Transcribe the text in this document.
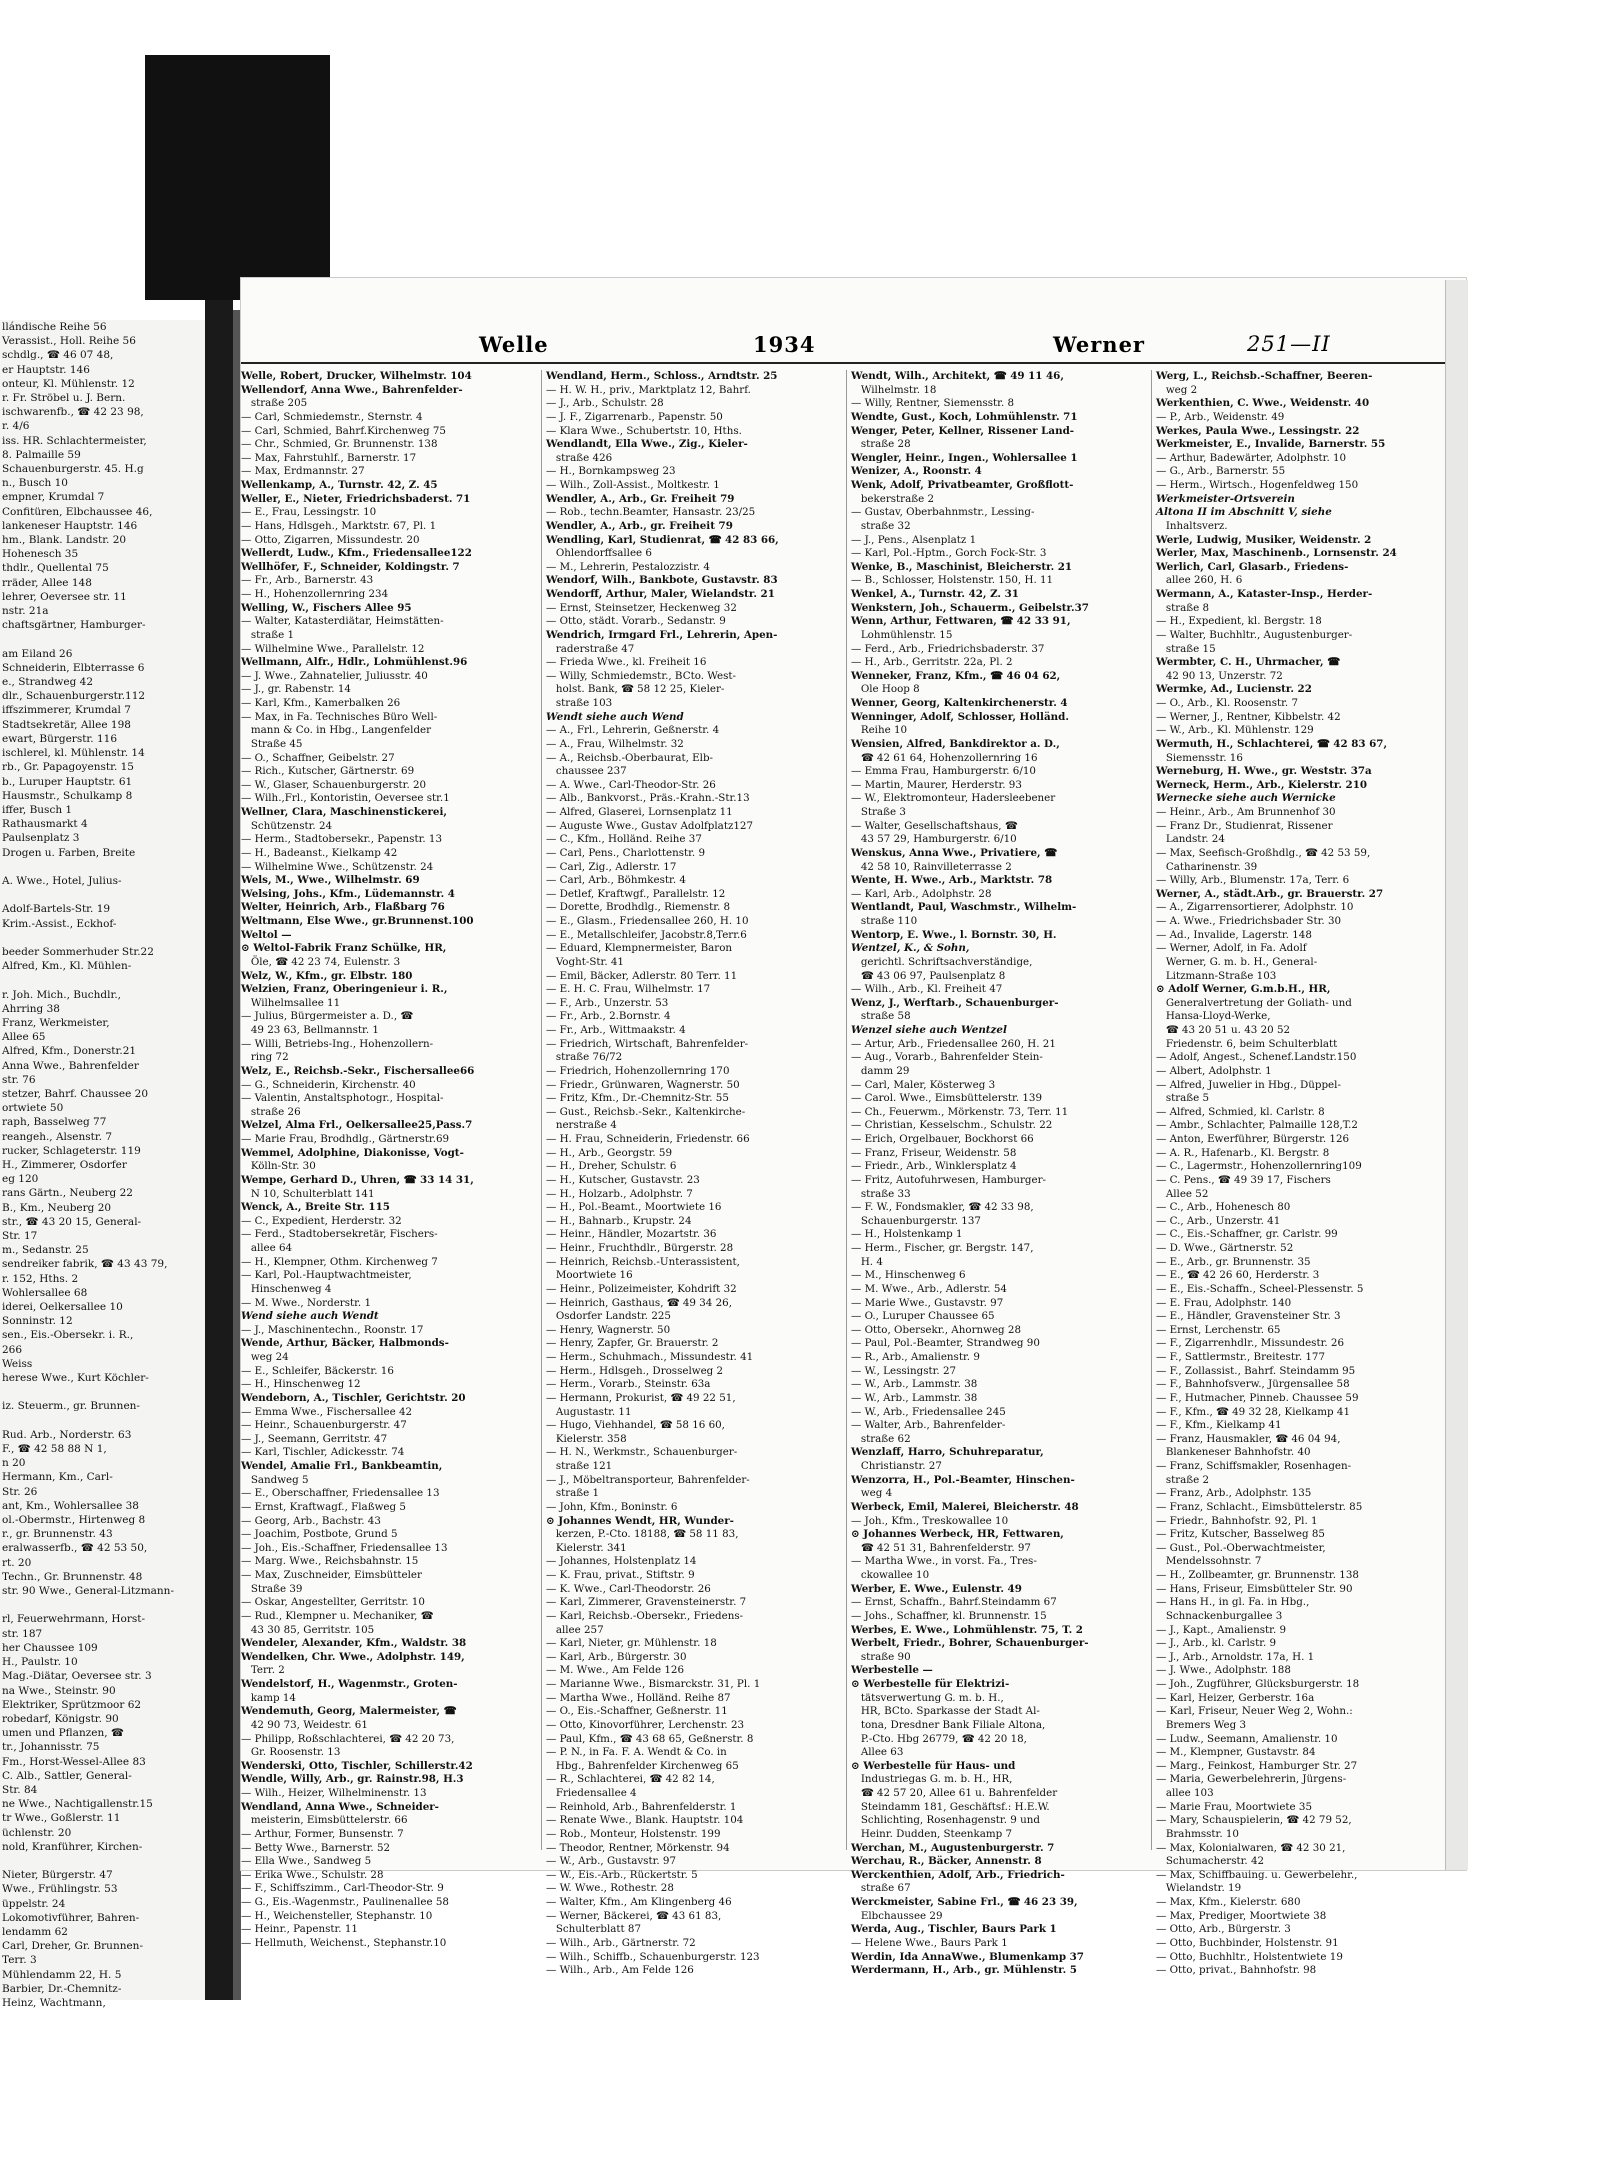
llándische Reihe 56
Verassist., Holl. Reihe 56
schdlg., ☎ 46 07 48,
er Hauptstr. 146
onteur, Kl. Mühlenstr. 12
r. Fr. Ströbel u. J. Bern.
ischwarenfb., ☎ 42 23 98,
r. 4/6
iss. HR. Schlachtermeister,
8. Palmaille 59
Schauenburgerstr. 45. H.g
n., Busch 10
empner, Krumdal 7
Confitüren, Elbchaussee 46,
lankeneser Hauptstr. 146
hm., Blank. Landstr. 20
Hohenesch 35
thdlr., Quellental 75
rräder, Allee 148
lehrer, Oeversee str. 11
nstr. 21a
chaftsgärtner, Hamburger-

am Eiland 26
Schneiderin, Elbterrasse 6
e., Strandweg 42
dlr., Schauenburgerstr.112
iffszimmerer, Krumdal 7
Stadtsekretär, Allee 198
ewart, Bürgerstr. 116
ischlerel, kl. Mühlenstr. 14
rb., Gr. Papagoyenstr. 15
b., Luruper Hauptstr. 61
Hausmstr., Schulkamp 8
iffer, Busch 1
Rathausmarkt 4
Paulsenplatz 3
Drogen u. Farben, Breite

A. Wwe., Hotel, Julius-

Adolf-Bartels-Str. 19
Krim.-Assist., Eckhof-

beeder Sommerhuder Str.22
Alfred, Km., Kl. Mühlen-

r. Joh. Mich., Buchdlr.,
Ahrring 38
Franz, Werkmeister,
Allee 65
Alfred, Kfm., Donerstr.21
Anna Wwe., Bahrenfelder
str. 76
stetzer, Bahrf. Chaussee 20
ortwiete 50
raph, Basselweg 77
reangeh., Alsenstr. 7
rucker, Schlageterstr. 119
H., Zimmerer, Osdorfer
eg 120
rans Gärtn., Neuberg 22
B., Km., Neuberg 20
str., ☎ 43 20 15, General-
Str. 17
m., Sedanstr. 25
sendreiker fabrik, ☎ 43 43 79,
r. 152, Hths. 2
Wohlersallee 68
iderei, Oelkersallee 10
Sonninstr. 12
sen., Eis.-Obersekr. i. R.,
266
Weiss
herese Wwe., Kurt Köchler-

iz. Steuerm., gr. Brunnen-

Rud. Arb., Norderstr. 63
F., ☎ 42 58 88 N 1,
n 20
Hermann, Km., Carl-
Str. 26
ant, Km., Wohlersallee 38
ol.-Obermstr., Hirtenweg 8
r., gr. Brunnenstr. 43
eralwasserfb., ☎ 42 53 50,
rt. 20
Techn., Gr. Brunnenstr. 48
str. 90 Wwe., General-Litzmann-

rl, Feuerwehrmann, Horst-
str. 187
her Chaussee 109
H., Paulstr. 10
Mag.-Diätar, Oeversee str. 3
na Wwe., Steinstr. 90
Elektriker, Sprützmoor 62
robedarf, Königstr. 90
umen und Pflanzen, ☎
tr., Johannisstr. 75
Fm., Horst-Wessel-Allee 83
C. Alb., Sattler, General-
Str. 84
ne Wwe., Nachtigallenstr.15
tr Wwe., Goßlerstr. 11
üchlenstr. 20
nold, Kranführer, Kirchen-

Nieter, Bürgerstr. 47
Wwe., Frühlingstr. 53
üppelstr. 24
Lokomotivführer, Bahren-
lendamm 62
Carl, Dreher, Gr. Brunnen-
Terr. 3
Mühlendamm 22, H. 5
Barbier, Dr.-Chemnitz-
Heinz, Wachtmann,
Welle	1934	Werner	251—II
Welle, Robert, Drucker, Wilhelmstr. 104
Wellendorf, Anna Wwe., Bahrenfelder-
straße 205
— Carl, Schmiedemstr., Sternstr. 4
— Carl, Schmied, Bahrf.Kirchenweg 75
— Chr., Schmied, Gr. Brunnenstr. 138
— Max, Fahrstuhlf., Barnerstr. 17
— Max, Erdmannstr. 27
Wellenkamp, A., Turnstr. 42, Z. 45
Weller, E., Nieter, Friedrichsbaderst. 71
— E., Frau, Lessingstr. 10
— Hans, Hdlsgeh., Marktstr. 67, Pl. 1
— Otto, Zigarren, Missundestr. 20
Wellerdt, Ludw., Kfm., Friedensallee122
Wellhöfer, F., Schneider, Koldingstr. 7
— Fr., Arb., Barnerstr. 43
— H., Hohenzollernring 234
Welling, W., Fischers Allee 95
— Walter, Katasterdiätar, Heimstätten-
straße 1
— Wilhelmine Wwe., Parallelstr. 12
Wellmann, Alfr., Hdlr., Lohmühlenst.96
— J. Wwe., Zahnatelier, Juliusstr. 40
— J., gr. Rabenstr. 14
— Karl, Kfm., Kamerbalken 26
— Max, in Fa. Technisches Büro Well-
mann & Co. in Hbg., Langenfelder
Straße 45
— O., Schaffner, Geibelstr. 27
— Rich., Kutscher, Gärtnerstr. 69
— W., Glaser, Schauenburgerstr. 20
— Wilh.,Frl., Kontoristin, Oeversee str.1
Wellner, Clara, Maschinenstickerei,
Schützenstr. 24
— Herm., Stadtobersekr., Papenstr. 13
— H., Badeanst., Kielkamp 42
— Wilhelmine Wwe., Schützenstr. 24
Wels, M., Wwe., Wilhelmstr. 69
Welsing, Johs., Kfm., Lüdemannstr. 4
Welter, Heinrich, Arb., Flaßbarg 76
Weltmann, Else Wwe., gr.Brunnenst.100
Weltol —
⊙ Weltol-Fabrik Franz Schülke, HR,
Öle, ☎ 42 23 74, Eulenstr. 3
Welz, W., Kfm., gr. Elbstr. 180
Welzien, Franz, Oberingenieur i. R.,
Wilhelmsallee 11
— Julius, Bürgermeister a. D., ☎
49 23 63, Bellmannstr. 1
— Willi, Betriebs-Ing., Hohenzollern-
ring 72
Welz, E., Reichsb.-Sekr., Fischersallee66
— G., Schneiderin, Kirchenstr. 40
— Valentin, Anstaltsphotogr., Hospital-
straße 26
Welzel, Alma Frl., Oelkersallee25,Pass.7
— Marie Frau, Brodhdlg., Gärtnerstr.69
Wemmel, Adolphine, Diakonisse, Vogt-
Kölln-Str. 30
Wempe, Gerhard D., Uhren, ☎ 33 14 31,
N 10, Schulterblatt 141
Wenck, A., Breite Str. 115
— C., Expedient, Herderstr. 32
— Ferd., Stadtobersekretär, Fischers-
allee 64
— H., Klempner, Othm. Kirchenweg 7
— Karl, Pol.-Hauptwachtmeister,
Hinschenweg 4
— M. Wwe., Norderstr. 1
Wend siehe auch Wendt
— J., Maschinentechn., Roonstr. 17
Wende, Arthur, Bäcker, Halbmonds-
weg 24
— E., Schleifer, Bäckerstr. 16
— H., Hinschenweg 12
Wendeborn, A., Tischler, Gerichtstr. 20
— Emma Wwe., Fischersallee 42
— Heinr., Schauenburgerstr. 47
— J., Seemann, Gerritstr. 47
— Karl, Tischler, Adickesstr. 74
Wendel, Amalie Frl., Bankbeamtin,
Sandweg 5
— E., Oberschaffner, Friedensallee 13
— Ernst, Kraftwagf., Flaßweg 5
— Georg, Arb., Bachstr. 43
— Joachim, Postbote, Grund 5
— Joh., Eis.-Schaffner, Friedensallee 13
— Marg. Wwe., Reichsbahnstr. 15
— Max, Zuschneider, Eimsbütteler
Straße 39
— Oskar, Angestellter, Gerritstr. 10
— Rud., Klempner u. Mechaniker, ☎
43 30 85, Gerritstr. 105
Wendeler, Alexander, Kfm., Waldstr. 38
Wendelken, Chr. Wwe., Adolphstr. 149,
Terr. 2
Wendelstorf, H., Wagenmstr., Groten-
kamp 14
Wendemuth, Georg, Malermeister, ☎
42 90 73, Weidestr. 61
— Philipp, Roßschlachterei, ☎ 42 20 73,
Gr. Roosenstr. 13
Wenderski, Otto, Tischler, Schillerstr.42
Wendle, Willy, Arb., gr. Rainstr.98, H.3
— Wilh., Heizer, Wilhelminenstr. 13
Wendland, Anna Wwe., Schneider-
meisterin, Eimsbüttelerstr. 66
— Arthur, Former, Bunsenstr. 7
— Betty Wwe., Barnerstr. 52
— Ella Wwe., Sandweg 5
— Erika Wwe., Schulstr. 28
— F., Schiffszimm., Carl-Theodor-Str. 9
— G., Eis.-Wagenmstr., Paulinenallee 58
— H., Weichensteller, Stephanstr. 10
— Heinr., Papenstr. 11
— Hellmuth, Weichenst., Stephanstr.10
Wendland, Herm., Schloss., Arndtstr. 25
— H. W. H., priv., Marktplatz 12, Bahrf.
— J., Arb., Schulstr. 28
— J. F., Zigarrenarb., Papenstr. 50
— Klara Wwe., Schubertstr. 10, Hths.
Wendlandt, Ella Wwe., Zig., Kieler-
straße 426
— H., Bornkampsweg 23
— Wilh., Zoll-Assist., Moltkestr. 1
Wendler, A., Arb., Gr. Freiheit 79
— Rob., techn.Beamter, Hansastr. 23/25
Wendler, A., Arb., gr. Freiheit 79
Wendling, Karl, Studienrat, ☎ 42 83 66,
Ohlendorffsallee 6
— M., Lehrerin, Pestalozzistr. 4
Wendorf, Wilh., Bankbote, Gustavstr. 83
Wendorff, Arthur, Maler, Wielandstr. 21
— Ernst, Steinsetzer, Heckenweg 32
— Otto, städt. Vorarb., Sedanstr. 9
Wendrich, Irmgard Frl., Lehrerin, Apen-
raderstraße 47
— Frieda Wwe., kl. Freiheit 16
— Willy, Schmiedemstr., BCto. West-
holst. Bank, ☎ 58 12 25, Kieler-
straße 103
Wendt siehe auch Wend
— A., Frl., Lehrerin, Geßnerstr. 4
— A., Frau, Wilhelmstr. 32
— A., Reichsb.-Oberbaurat, Elb-
chaussee 237
— A. Wwe., Carl-Theodor-Str. 26
— Alb., Bankvorst., Präs.-Krahn.-Str.13
— Alfred, Glaserei, Lornsenplatz 11
— Auguste Wwe., Gustav Adolfplatz127
— C., Kfm., Holländ. Reihe 37
— Carl, Pens., Charlottenstr. 9
— Carl, Zig., Adlerstr. 17
— Carl, Arb., Böhmkestr. 4
— Detlef, Kraftwgf., Parallelstr. 12
— Dorette, Brodhdlg., Riemenstr. 8
— E., Glasm., Friedensallee 260, H. 10
— E., Metallschleifer, Jacobstr.8,Terr.6
— Eduard, Klempnermeister, Baron
Voght-Str. 41
— Emil, Bäcker, Adlerstr. 80 Terr. 11
— E. H. C. Frau, Wilhelmstr. 17
— F., Arb., Unzerstr. 53
— Fr., Arb., 2.Bornstr. 4
— Fr., Arb., Wittmaakstr. 4
— Friedrich, Wirtschaft, Bahrenfelder-
straße 76/72
— Friedrich, Hohenzollernring 170
— Friedr., Grünwaren, Wagnerstr. 50
— Fritz, Kfm., Dr.-Chemnitz-Str. 55
— Gust., Reichsb.-Sekr., Kaltenkirche-
nerstraße 4
— H. Frau, Schneiderin, Friedenstr. 66
— H., Arb., Georgstr. 59
— H., Dreher, Schulstr. 6
— H., Kutscher, Gustavstr. 23
— H., Holzarb., Adolphstr. 7
— H., Pol.-Beamt., Moortwiete 16
— H., Bahnarb., Krupstr. 24
— Heinr., Händler, Mozartstr. 36
— Heinr., Fruchthdlr., Bürgerstr. 28
— Heinrich, Reichsb.-Unterassistent,
Moortwiete 16
— Heinr., Polizeimeister, Kohdrift 32
— Heinrich, Gasthaus, ☎ 49 34 26,
Osdorfer Landstr. 225
— Henry, Wagnerstr. 50
— Henry, Zapfer, Gr. Brauerstr. 2
— Herm., Schuhmach., Missundestr. 41
— Herm., Hdlsgeh., Drosselweg 2
— Herm., Vorarb., Steinstr. 63a
— Hermann, Prokurist, ☎ 49 22 51,
Augustastr. 11
— Hugo, Viehhandel, ☎ 58 16 60,
Kielerstr. 358
— H. N., Werkmstr., Schauenburger-
straße 121
— J., Möbeltransporteur, Bahrenfelder-
straße 1
— John, Kfm., Boninstr. 6
⊙ Johannes Wendt, HR, Wunder-
kerzen, P.-Cto. 18188, ☎ 58 11 83,
Kielerstr. 341
— Johannes, Holstenplatz 14
— K. Frau, privat., Stiftstr. 9
— K. Wwe., Carl-Theodorstr. 26
— Karl, Zimmerer, Gravensteinerstr. 7
— Karl, Reichsb.-Obersekr., Friedens-
allee 257
— Karl, Nieter, gr. Mühlenstr. 18
— Karl, Arb., Bürgerstr. 30
— M. Wwe., Am Felde 126
— Marianne Wwe., Bismarckstr. 31, Pl. 1
— Martha Wwe., Holländ. Reihe 87
— O., Eis.-Schaffner, Geßnerstr. 11
— Otto, Kinovorführer, Lerchenstr. 23
— Paul, Kfm., ☎ 43 68 65, Geßnerstr. 8
— P. N., in Fa. F. A. Wendt & Co. in
Hbg., Bahrenfelder Kirchenweg 65
— R., Schlachterei, ☎ 42 82 14,
Friedensallee 4
— Reinhold, Arb., Bahrenfelderstr. 1
— Renate Wwe., Blank. Hauptstr. 104
— Rob., Monteur, Holstenstr. 199
— Theodor, Rentner, Mörkenstr. 94
— W., Arb., Gustavstr. 97
— W., Eis.-Arb., Rückertstr. 5
— W. Wwe., Rothestr. 28
— Walter, Kfm., Am Klingenberg 46
— Werner, Bäckerei, ☎ 43 61 83,
Schulterblatt 87
— Wilh., Arb., Gärtnerstr. 72
— Wilh., Schiffb., Schauenburgerstr. 123
— Wilh., Arb., Am Felde 126
Wendt, Wilh., Architekt, ☎ 49 11 46,
Wilhelmstr. 18
— Willy, Rentner, Siemensstr. 8
Wendte, Gust., Koch, Lohmühlenstr. 71
Wenger, Peter, Kellner, Rissener Land-
straße 28
Wengler, Heinr., Ingen., Wohlersallee 1
Wenizer, A., Roonstr. 4
Wenk, Adolf, Privatbeamter, Großflott-
bekerstraße 2
— Gustav, Oberbahnmstr., Lessing-
straße 32
— J., Pens., Alsenplatz 1
— Karl, Pol.-Hptm., Gorch Fock-Str. 3
Wenke, B., Maschinist, Bleicherstr. 21
— B., Schlosser, Holstenstr. 150, H. 11
Wenkel, A., Turnstr. 42, Z. 31
Wenkstern, Joh., Schauerm., Geibelstr.37
Wenn, Arthur, Fettwaren, ☎ 42 33 91,
Lohmühlenstr. 15
— Ferd., Arb., Friedrichsbaderstr. 37
— H., Arb., Gerritstr. 22a, Pl. 2
Wenneker, Franz, Kfm., ☎ 46 04 62,
Ole Hoop 8
Wenner, Georg, Kaltenkirchenerstr. 4
Wenninger, Adolf, Schlosser, Holländ.
Reihe 10
Wensien, Alfred, Bankdirektor a. D.,
☎ 42 61 64, Hohenzollernring 16
— Emma Frau, Hamburgerstr. 6/10
— Martin, Maurer, Herderstr. 93
— W., Elektromonteur, Hadersleebener
Straße 3
— Walter, Gesellschaftshaus, ☎
43 57 29, Hamburgerstr. 6/10
Wenskus, Anna Wwe., Privatiere, ☎
42 58 10, Rainvilleterrasse 2
Wente, H. Wwe., Arb., Marktstr. 78
— Karl, Arb., Adolphstr. 28
Wentlandt, Paul, Waschmstr., Wilhelm-
straße 110
Wentorp, E. Wwe., l. Bornstr. 30, H.
Wentzel, K., & Sohn,
gerichtl. Schriftsachverständige,
☎ 43 06 97, Paulsenplatz 8
— Wilh., Arb., Kl. Freiheit 47
Wenz, J., Werftarb., Schauenburger-
straße 58
Wenzel siehe auch Wentzel
— Artur, Arb., Friedensallee 260, H. 21
— Aug., Vorarb., Bahrenfelder Stein-
damm 29
— Carl, Maler, Kösterweg 3
— Carol. Wwe., Eimsbüttelerstr. 139
— Ch., Feuerwm., Mörkenstr. 73, Terr. 11
— Christian, Kesselschm., Schulstr. 22
— Erich, Orgelbauer, Bockhorst 66
— Franz, Friseur, Weidenstr. 58
— Friedr., Arb., Winklersplatz 4
— Fritz, Autofuhrwesen, Hamburger-
straße 33
— F. W., Fondsmakler, ☎ 42 33 98,
Schauenburgerstr. 137
— H., Holstenkamp 1
— Herm., Fischer, gr. Bergstr. 147,
H. 4
— M., Hinschenweg 6
— M. Wwe., Arb., Adlerstr. 54
— Marie Wwe., Gustavstr. 97
— O., Luruper Chaussee 65
— Otto, Obersekr., Ahornweg 28
— Paul, Pol.-Beamter, Strandweg 90
— R., Arb., Amalienstr. 9
— W., Lessingstr. 27
— W., Arb., Lammstr. 38
— W., Arb., Lammstr. 38
— W., Arb., Friedensallee 245
— Walter, Arb., Bahrenfelder-
straße 62
Wenzlaff, Harro, Schuhreparatur,
Christianstr. 27
Wenzorra, H., Pol.-Beamter, Hinschen-
weg 4
Werbeck, Emil, Malerei, Bleicherstr. 48
— Joh., Kfm., Treskowallee 10
⊙ Johannes Werbeck, HR, Fettwaren,
☎ 42 51 31, Bahrenfelderstr. 97
— Martha Wwe., in vorst. Fa., Tres-
ckowallee 10
Werber, E. Wwe., Eulenstr. 49
— Ernst, Schaffn., Bahrf.Steindamm 67
— Johs., Schaffner, kl. Brunnenstr. 15
Werbes, E. Wwe., Lohmühlenstr. 75, T. 2
Werbelt, Friedr., Bohrer, Schauenburger-
straße 90
Werbestelle —
⊙ Werbestelle für Elektrizi-
tätsverwertung G. m. b. H.,
HR, BCto. Sparkasse der Stadt Al-
tona, Dresdner Bank Filiale Altona,
P.-Cto. Hbg 26779, ☎ 42 20 18,
Allee 63
⊙ Werbestelle für Haus- und
Industriegas G. m. b. H., HR,
☎ 42 57 20, Allee 61 u. Bahrenfelder
Steindamm 181, Geschäftsf.: H.E.W.
Schlichting, Rosenhagenstr. 9 und
Heinr. Dudden, Steenkamp 7
Werchan, M., Augustenburgerstr. 7
Werchau, R., Bäcker, Annenstr. 8
Werckenthien, Adolf, Arb., Friedrich-
straße 67
Werckmeister, Sabine Frl., ☎ 46 23 39,
Elbchaussee 29
Werda, Aug., Tischler, Baurs Park 1
— Helene Wwe., Baurs Park 1
Werdin, Ida AnnaWwe., Blumenkamp 37
Werdermann, H., Arb., gr. Mühlenstr. 5
Werg, L., Reichsb.-Schaffner, Beeren-
weg 2
Werkenthien, C. Wwe., Weidenstr. 40
— P., Arb., Weidenstr. 49
Werkes, Paula Wwe., Lessingstr. 22
Werkmeister, E., Invalide, Barnerstr. 55
— Arthur, Badewärter, Adolphstr. 10
— G., Arb., Barnerstr. 55
— Herm., Wirtsch., Hogenfeldweg 150
Werkmeister-Ortsverein
Altona II im Abschnitt V, siehe
Inhaltsverz.
Werle, Ludwig, Musiker, Weidenstr. 2
Werler, Max, Maschinenb., Lornsenstr. 24
Werlich, Carl, Glasarb., Friedens-
allee 260, H. 6
Wermann, A., Kataster-Insp., Herder-
straße 8
— H., Expedient, kl. Bergstr. 18
— Walter, Buchhltr., Augustenburger-
straße 15
Wermbter, C. H., Uhrmacher, ☎
42 90 13, Unzerstr. 72
Wermke, Ad., Lucienstr. 22
— O., Arb., Kl. Roosenstr. 7
— Werner, J., Rentner, Kibbelstr. 42
— W., Arb., Kl. Mühlenstr. 129
Wermuth, H., Schlachterei, ☎ 42 83 67,
Siemensstr. 16
Werneburg, H. Wwe., gr. Weststr. 37a
Werneck, Herm., Arb., Kielerstr. 210
Wernecke siehe auch Wernicke
— Heinr., Arb., Am Brunnenhof 30
— Franz Dr., Studienrat, Rissener
Landstr. 24
— Max, Seefisch-Großhdlg., ☎ 42 53 59,
Catharinenstr. 39
— Willy, Arb., Blumenstr. 17a, Terr. 6
Werner, A., städt.Arb., gr. Brauerstr. 27
— A., Zigarrensortierer, Adolphstr. 10
— A. Wwe., Friedrichsbader Str. 30
— Ad., Invalide, Lagerstr. 148
— Werner, Adolf, in Fa. Adolf
Werner, G. m. b. H., General-
Litzmann-Straße 103
⊙ Adolf Werner, G.m.b.H., HR,
Generalvertretung der Goliath- und
Hansa-Lloyd-Werke,
☎ 43 20 51 u. 43 20 52
Friedenstr. 6, beim Schulterblatt
— Adolf, Angest., Schenef.Landstr.150
— Albert, Adolphstr. 1
— Alfred, Juwelier in Hbg., Düppel-
straße 5
— Alfred, Schmied, kl. Carlstr. 8
— Ambr., Schlachter, Palmaille 128,T.2
— Anton, Ewerführer, Bürgerstr. 126
— A. R., Hafenarb., Kl. Bergstr. 8
— C., Lagermstr., Hohenzollernring109
— C. Pens., ☎ 49 39 17, Fischers
Allee 52
— C., Arb., Hohenesch 80
— C., Arb., Unzerstr. 41
— C., Eis.-Schaffner, gr. Carlstr. 99
— D. Wwe., Gärtnerstr. 52
— E., Arb., gr. Brunnenstr. 35
— E., ☎ 42 26 60, Herderstr. 3
— E., Eis.-Schaffn., Scheel-Plessenstr. 5
— E. Frau, Adolphstr. 140
— E., Händler, Gravensteiner Str. 3
— Ernst, Lerchenstr. 65
— F., Zigarrenhdlr., Missundestr. 26
— F., Sattlermstr., Breitestr. 177
— F., Zollassist., Bahrf. Steindamm 95
— F., Bahnhofsverw., Jürgensallee 58
— F., Hutmacher, Pinneb. Chaussee 59
— F., Kfm., ☎ 49 32 28, Kielkamp 41
— F., Kfm., Kielkamp 41
— Franz, Hausmakler, ☎ 46 04 94,
Blankeneser Bahnhofstr. 40
— Franz, Schiffsmakler, Rosenhagen-
straße 2
— Franz, Arb., Adolphstr. 135
— Franz, Schlacht., Eimsbüttelerstr. 85
— Friedr., Bahnhofstr. 92, Pl. 1
— Fritz, Kutscher, Basselweg 85
— Gust., Pol.-Oberwachtmeister,
Mendelssohnstr. 7
— H., Zollbeamter, gr. Brunnenstr. 138
— Hans, Friseur, Eimsbütteler Str. 90
— Hans H., in gl. Fa. in Hbg.,
Schnackenburgallee 3
— J., Kapt., Amalienstr. 9
— J., Arb., kl. Carlstr. 9
— J., Arb., Arnoldstr. 17a, H. 1
— J. Wwe., Adolphstr. 188
— Joh., Zugführer, Glücksburgerstr. 18
— Karl, Heizer, Gerberstr. 16a
— Karl, Friseur, Neuer Weg 2, Wohn.:
Bremers Weg 3
— Ludw., Seemann, Amalienstr. 10
— M., Klempner, Gustavstr. 84
— Marg., Feinkost, Hamburger Str. 27
— Maria, Gewerbelehrerin, Jürgens-
allee 103
— Marie Frau, Moortwiete 35
— Mary, Schauspielerin, ☎ 42 79 52,
Brahmsstr. 10
— Max, Kolonialwaren, ☎ 42 30 21,
Schumacherstr. 42
— Max, Schiffbauing. u. Gewerbelehr.,
Wielandstr. 19
— Max, Kfm., Kielerstr. 680
— Max, Prediger, Moortwiete 38
— Otto, Arb., Bürgerstr. 3
— Otto, Buchbinder, Holstenstr. 91
— Otto, Buchhltr., Holstentwiete 19
— Otto, privat., Bahnhofstr. 98
